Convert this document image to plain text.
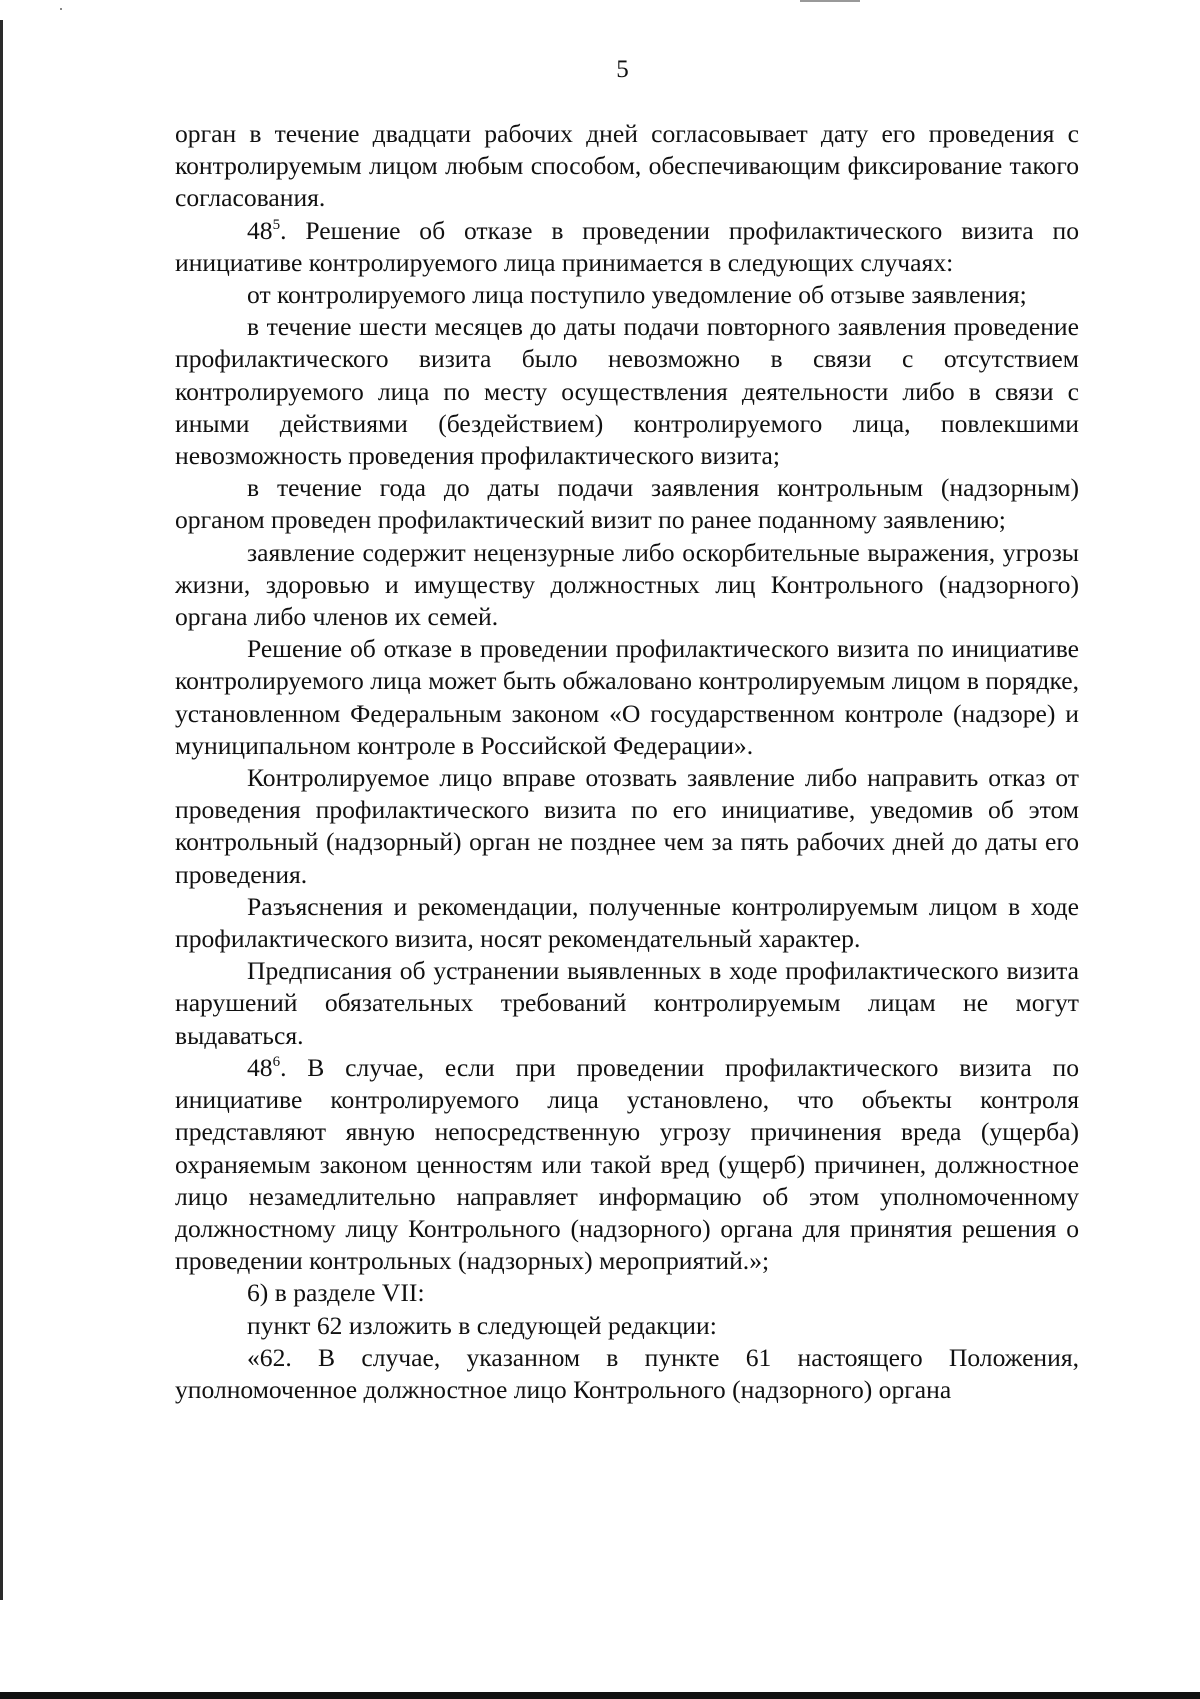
5

орган в течение двадцати рабочих дней согласовывает дату его проведения с контролируемым лицом любым способом, обеспечивающим фиксирование такого согласования.

$48^5$. Решение об отказе в проведении профилактического визита по инициативе контролируемого лица принимается в следующих случаях:

от контролируемого лица поступило уведомление об отзыве заявления;

в течение шести месяцев до даты подачи повторного заявления проведение профилактического визита было невозможно в связи с отсутствием контролируемого лица по месту осуществления деятельности либо в связи с иными действиями (бездействием) контролируемого лица, повлекшими невозможность проведения профилактического визита;

в течение года до даты подачи заявления контрольным (надзорным) органом проведен профилактический визит по ранее поданному заявлению;

заявление содержит нецензурные либо оскорбительные выражения, угрозы жизни, здоровью и имуществу должностных лиц Контрольного (надзорного) органа либо членов их семей.

Решение об отказе в проведении профилактического визита по инициативе контролируемого лица может быть обжаловано контролируемым лицом в порядке, установленном Федеральным законом «О государственном контроле (надзоре) и муниципальном контроле в Российской Федерации».

Контролируемое лицо вправе отозвать заявление либо направить отказ от проведения профилактического визита по его инициативе, уведомив об этом контрольный (надзорный) орган не позднее чем за пять рабочих дней до даты его проведения.

Разъяснения и рекомендации, полученные контролируемым лицом в ходе профилактического визита, носят рекомендательный характер.

Предписания об устранении выявленных в ходе профилактического визита нарушений обязательных требований контролируемым лицам не могут выдаваться.

$48^6$. В случае, если при проведении профилактического визита по инициативе контролируемого лица установлено, что объекты контроля представляют явную непосредственную угрозу причинения вреда (ущерба) охраняемым законом ценностям или такой вред (ущерб) причинен, должностное лицо незамедлительно направляет информацию об этом уполномоченному должностному лицу Контрольного (надзорного) органа для принятия решения о проведении контрольных (надзорных) мероприятий.»;

6) в разделе VII:

пункт 62 изложить в следующей редакции:

«62. В случае, указанном в пункте 61 настоящего Положения, уполномоченное должностное лицо Контрольного (надзорного) органа
